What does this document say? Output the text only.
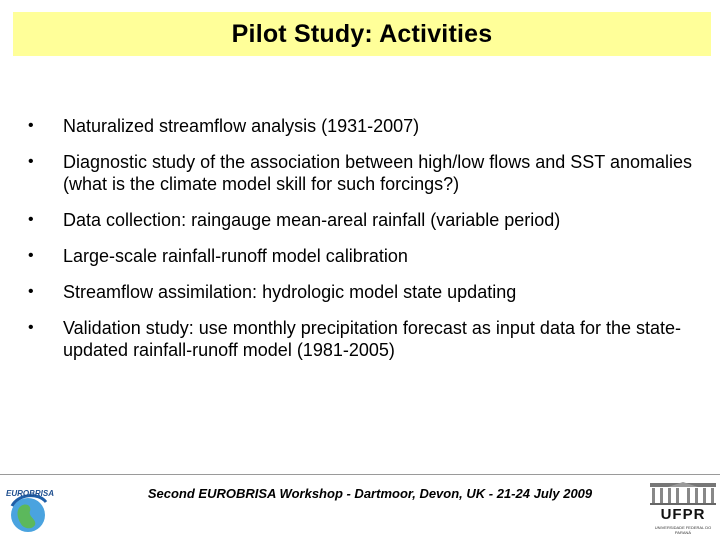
Pilot Study: Activities
• Naturalized streamflow analysis (1931-2007)
• Diagnostic study of the association between high/low flows and SST anomalies (what is the climate model skill for such forcings?)
• Data collection: raingauge mean-areal rainfall (variable period)
• Large-scale rainfall-runoff model calibration
• Streamflow assimilation: hydrologic model state updating
• Validation study: use monthly precipitation forecast as input data for the state-updated rainfall-runoff model (1981-2005)
EUROBRISA	Second EUROBRISA Workshop - Dartmoor, Devon, UK - 21-24 July 2009
UFPR
UNIVERSIDADE FEDERAL DO PARANÁ
